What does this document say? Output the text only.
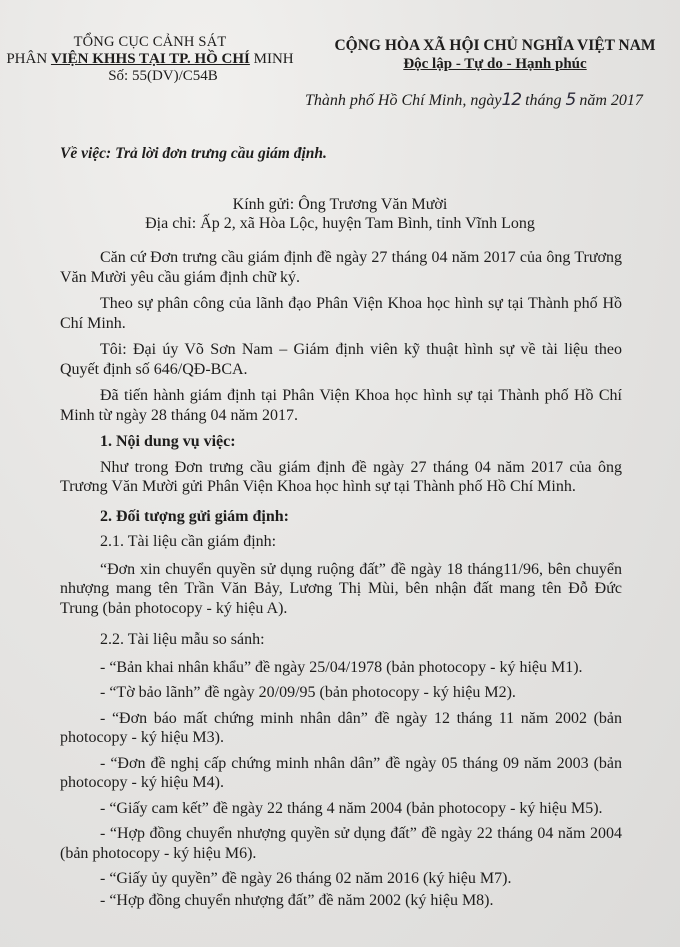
TỔNG CỤC CẢNH SÁT
PHÂN VIỆN KHHS TẠI TP. HỒ CHÍ MINH
Số: 55(DV)/C54B
CỘNG HÒA XÃ HỘI CHỦ NGHĨA VIỆT NAM
Độc lập - Tự do - Hạnh phúc
Thành phố Hồ Chí Minh, ngày12 tháng 5 năm 2017
Về việc: Trả lời đơn trưng cầu giám định.
Kính gửi: Ông Trương Văn Mười
Địa chỉ: Ấp 2, xã Hòa Lộc, huyện Tam Bình, tỉnh Vĩnh Long

Căn cứ Đơn trưng cầu giám định đề ngày 27 tháng 04 năm 2017 của ông Trương Văn Mười yêu cầu giám định chữ ký.

Theo sự phân công của lãnh đạo Phân Viện Khoa học hình sự tại Thành phố Hồ Chí Minh.

Tôi: Đại úy Võ Sơn Nam – Giám định viên kỹ thuật hình sự về tài liệu theo Quyết định số 646/QĐ-BCA.

Đã tiến hành giám định tại Phân Viện Khoa học hình sự tại Thành phố Hồ Chí Minh từ ngày 28 tháng 04 năm 2017.

1. Nội dung vụ việc:

Như trong Đơn trưng cầu giám định đề ngày 27 tháng 04 năm 2017 của ông Trương Văn Mười gửi Phân Viện Khoa học hình sự tại Thành phố Hồ Chí Minh.

2. Đối tượng gửi giám định:
2.1. Tài liệu cần giám định:

“Đơn xin chuyển quyền sử dụng ruộng đất” đề ngày 18 tháng11/96, bên chuyển nhượng mang tên Trần Văn Bảy, Lương Thị Mùi, bên nhận đất mang tên Đỗ Đức Trung (bản photocopy - ký hiệu A).

2.2. Tài liệu mẫu so sánh:
- “Bản khai nhân khẩu” đề ngày 25/04/1978 (bản photocopy - ký hiệu M1).
- “Tờ bảo lãnh” đề ngày 20/09/95 (bản photocopy - ký hiệu M2).
- “Đơn báo mất chứng minh nhân dân” đề ngày 12 tháng 11 năm 2002 (bản photocopy - ký hiệu M3).
- “Đơn đề nghị cấp chứng minh nhân dân” đề ngày 05 tháng 09 năm 2003 (bản photocopy - ký hiệu M4).
- “Giấy cam kết” đề ngày 22 tháng 4 năm 2004 (bản photocopy - ký hiệu M5).
- “Hợp đồng chuyển nhượng quyền sử dụng đất” đề ngày 22 tháng 04 năm 2004 (bản photocopy - ký hiệu M6).
- “Giấy ủy quyền” đề ngày 26 tháng 02 năm 2016 (ký hiệu M7).
- “Hợp đồng chuyển nhượng đất” đề năm 2002 (ký hiệu M8).
